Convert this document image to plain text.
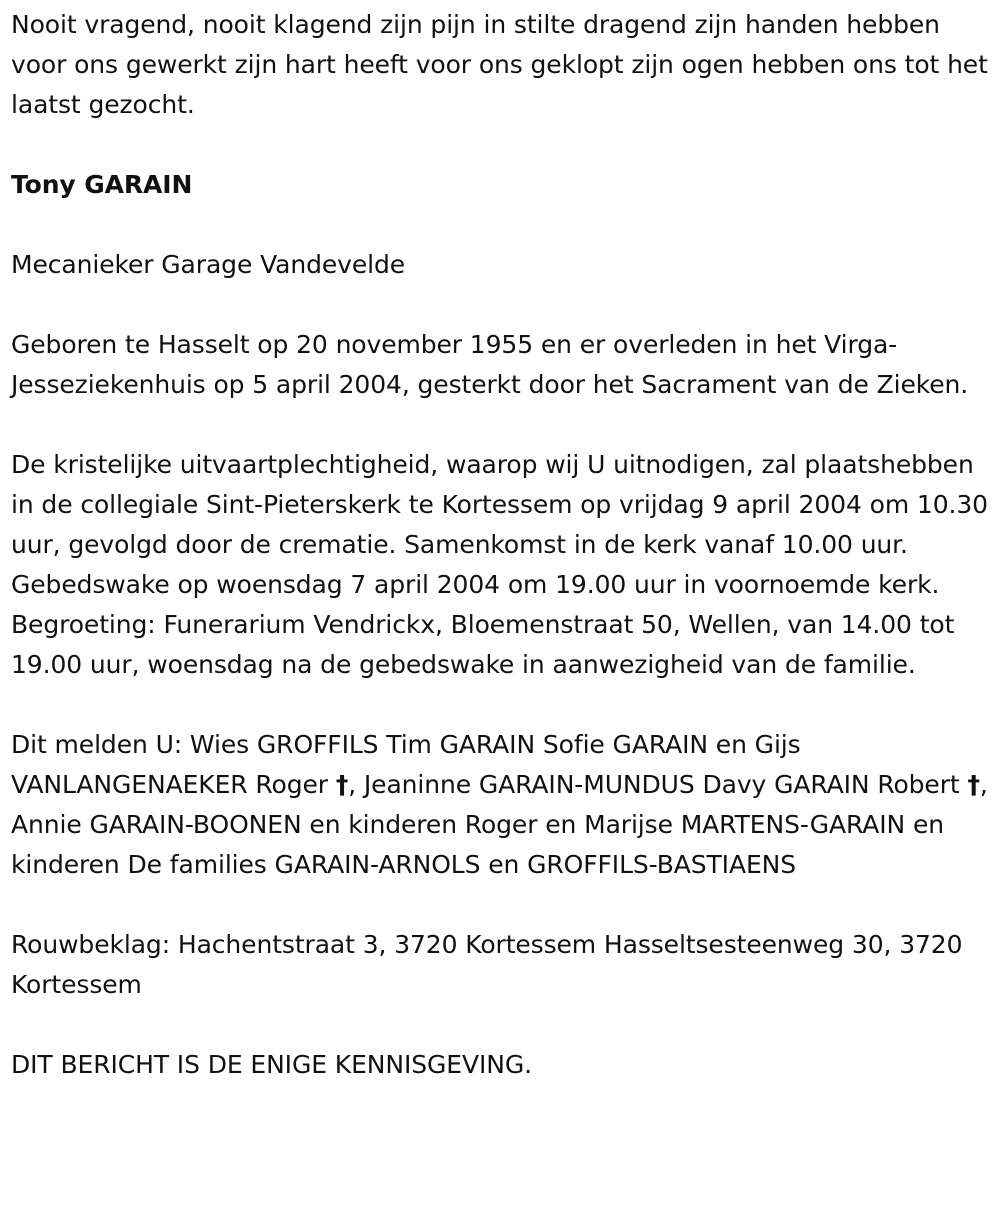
Nooit vragend, nooit klagend zijn pijn in stilte dragend zijn handen hebben voor ons gewerkt zijn hart heeft voor ons geklopt zijn ogen hebben ons tot het laatst gezocht.

Tony GARAIN

Mecanieker Garage Vandevelde

Geboren te Hasselt op 20 november 1955 en er overleden in het Virga-Jesseziekenhuis op 5 april 2004, gesterkt door het Sacrament van de Zieken.

De kristelijke uitvaartplechtigheid, waarop wij U uitnodigen, zal plaatshebben in de collegiale Sint-Pieterskerk te Kortessem op vrijdag 9 april 2004 om 10.30 uur, gevolgd door de crematie. Samenkomst in de kerk vanaf 10.00 uur. Gebedswake op woensdag 7 april 2004 om 19.00 uur in voornoemde kerk. Begroeting: Funerarium Vendrickx, Bloemenstraat 50, Wellen, van 14.00 tot 19.00 uur, woensdag na de gebedswake in aanwezigheid van de familie.

Dit melden U: Wies GROFFILS Tim GARAIN Sofie GARAIN en Gijs VANLANGENAEKER Roger †, Jeaninne GARAIN-MUNDUS Davy GARAIN Robert †, Annie GARAIN-BOONEN en kinderen Roger en Marijse MARTENS-GARAIN en kinderen De families GARAIN-ARNOLS en GROFFILS-BASTIAENS

Rouwbeklag: Hachentstraat 3, 3720 Kortessem Hasseltsesteenweg 30, 3720 Kortessem

DIT BERICHT IS DE ENIGE KENNISGEVING.
